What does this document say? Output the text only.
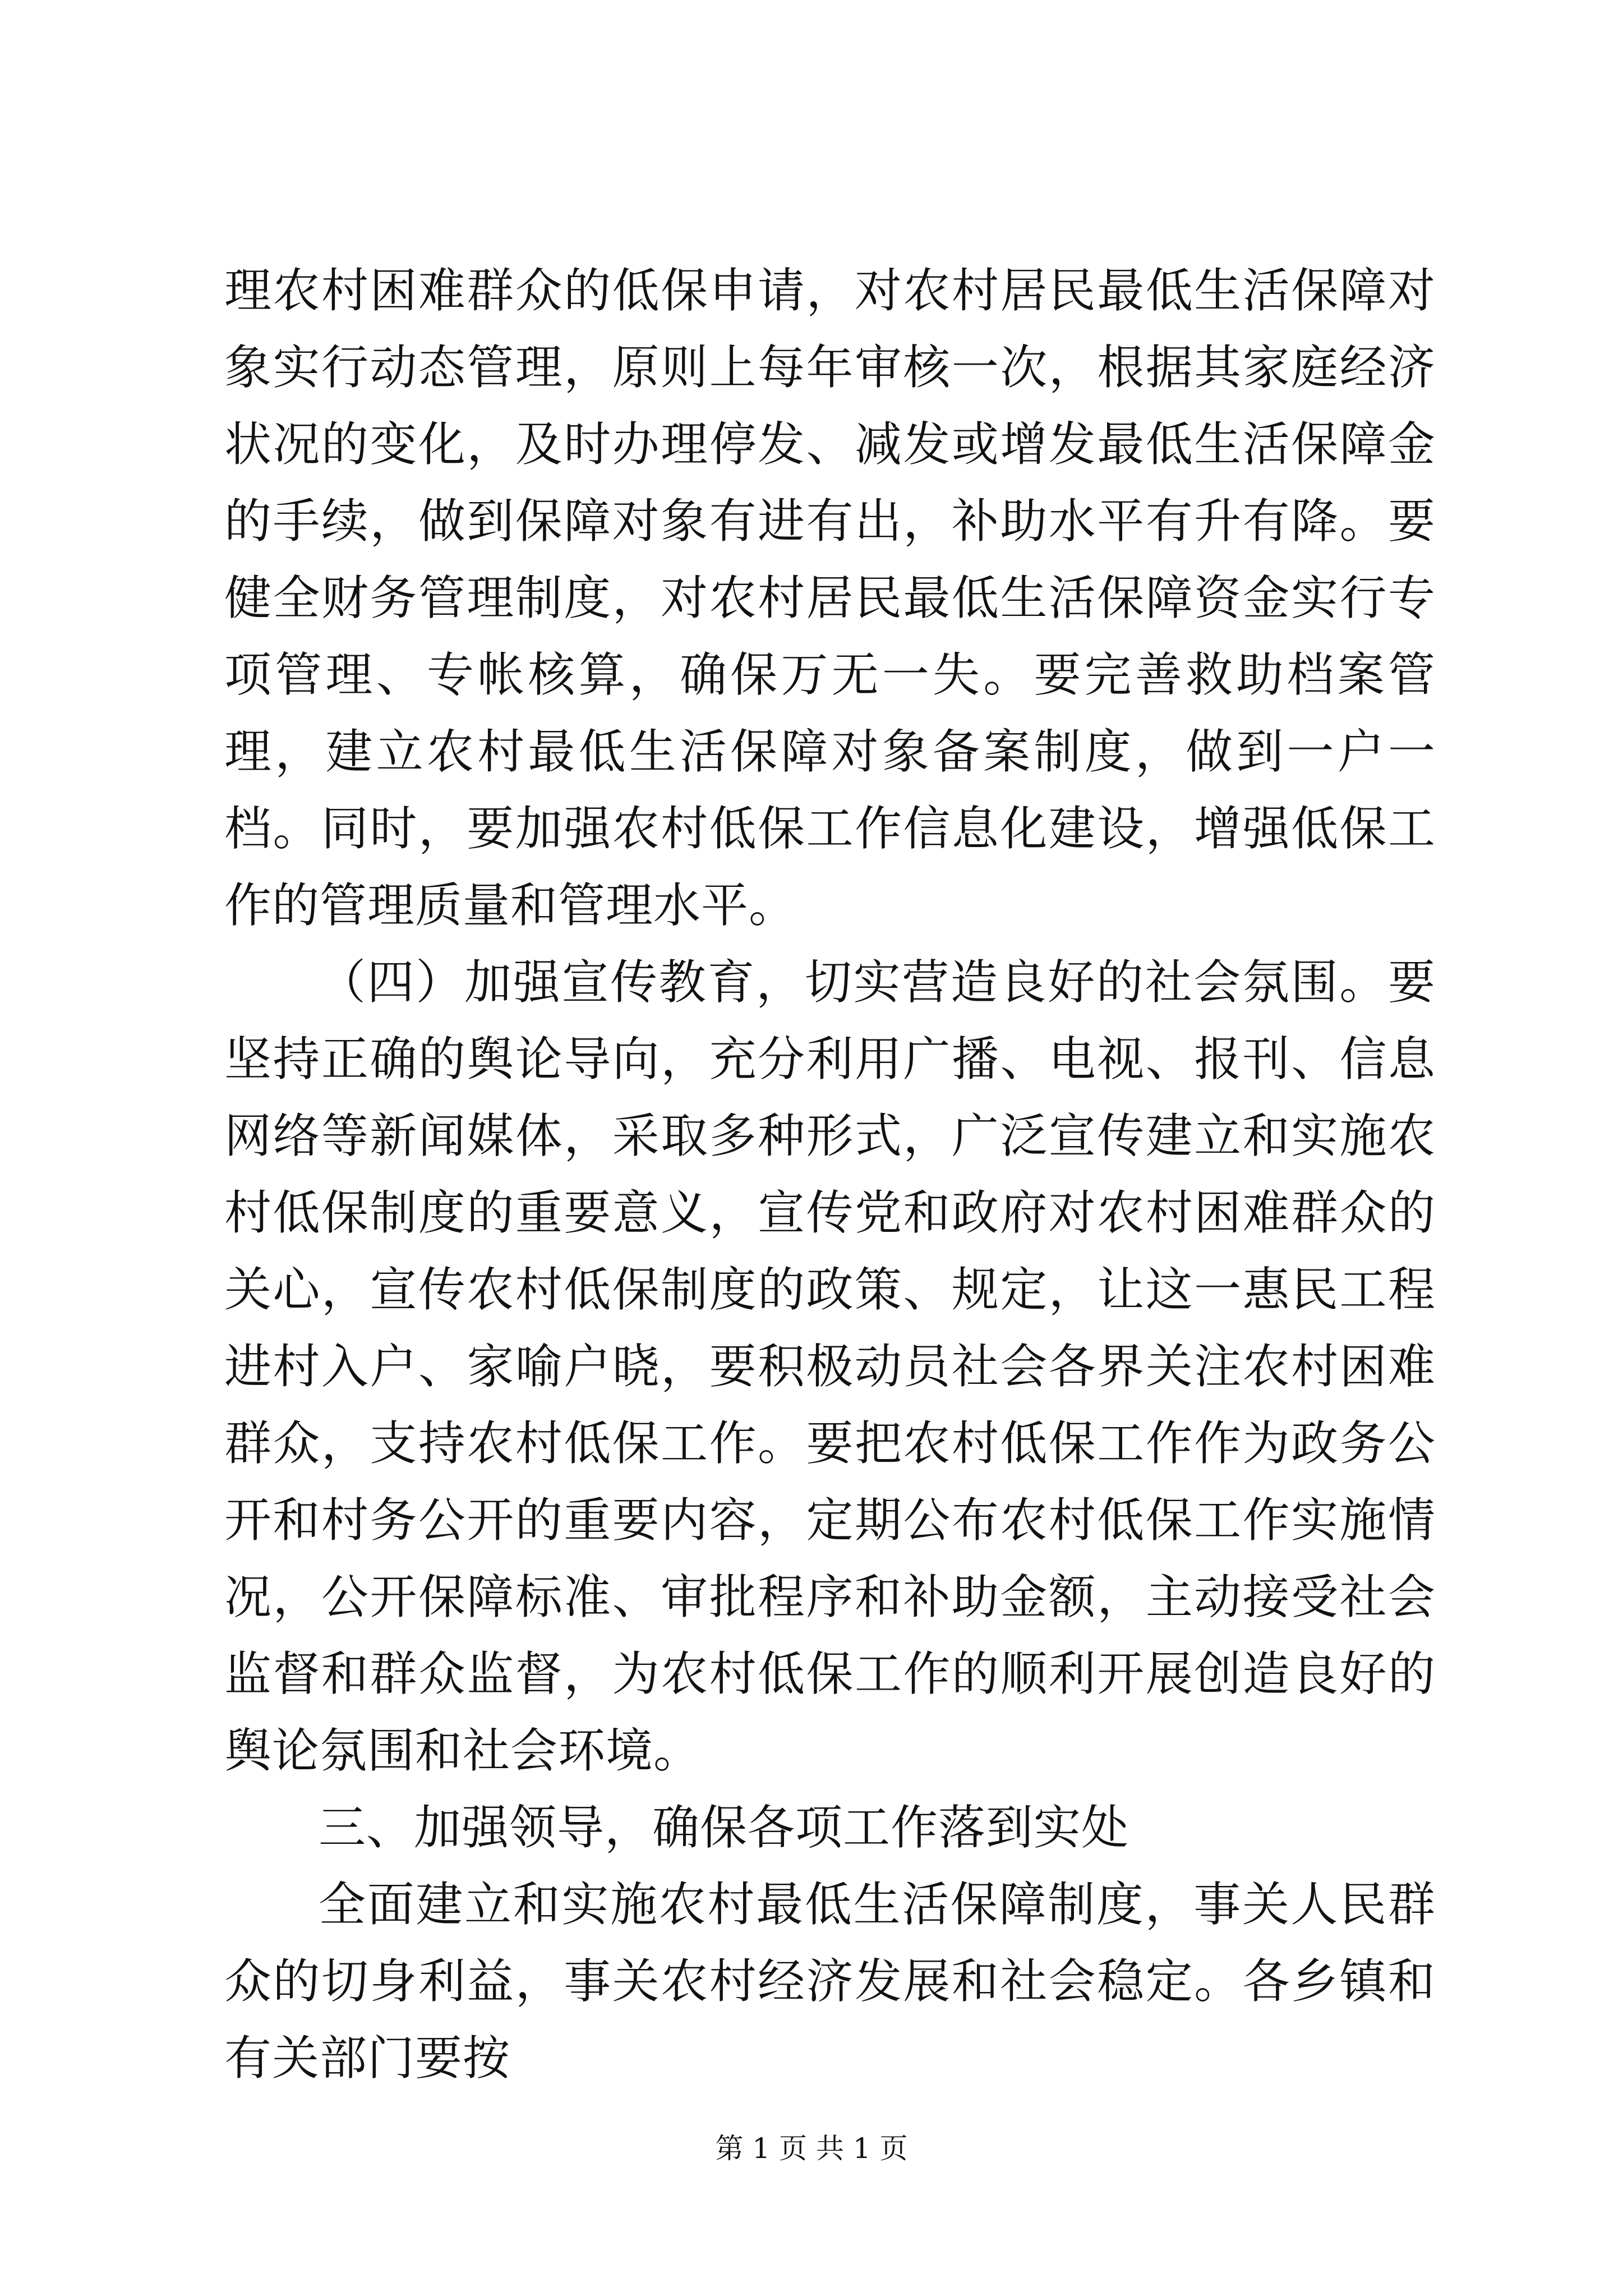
理农村困难群众的低保申请，对农村居民最低生活保障对象实行动态管理，原则上每年审核一次，根据其家庭经济状况的变化，及时办理停发、减发或增发最低生活保障金的手续，做到保障对象有进有出，补助水平有升有降。要健全财务管理制度，对农村居民最低生活保障资金实行专项管理、专帐核算，确保万无一失。要完善救助档案管理，建立农村最低生活保障对象备案制度，做到一户一档。同时，要加强农村低保工作信息化建设，增强低保工作的管理质量和管理水平。

（四）加强宣传教育，切实营造良好的社会氛围。要坚持正确的舆论导向，充分利用广播、电视、报刊、信息网络等新闻媒体，采取多种形式，广泛宣传建立和实施农村低保制度的重要意义，宣传党和政府对农村困难群众的关心，宣传农村低保制度的政策、规定，让这一惠民工程进村入户、家喻户晓，要积极动员社会各界关注农村困难群众，支持农村低保工作。要把农村低保工作作为政务公开和村务公开的重要内容，定期公布农村低保工作实施情况，公开保障标准、审批程序和补助金额，主动接受社会监督和群众监督，为农村低保工作的顺利开展创造良好的舆论氛围和社会环境。

三、加强领导，确保各项工作落到实处

全面建立和实施农村最低生活保障制度，事关人民群众的切身利益，事关农村经济发展和社会稳定。各乡镇和有关部门要按

第 1 页 共 1 页
